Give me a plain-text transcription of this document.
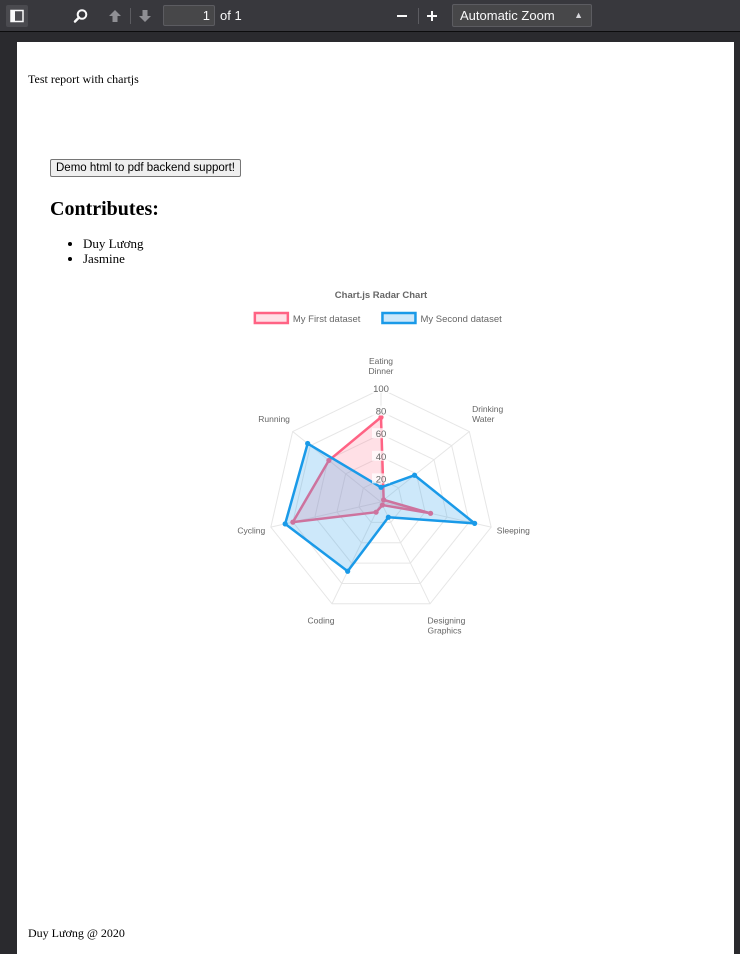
1 of 1	Automatic Zoom ▲

Test report with chartjs
Demo html to pdf backend support!
Contributes:
• Duy Lương
• Jasmine
Chart.js Radar Chart
My First dataset	My Second dataset
20
40
60
80
100
Eating
Dinner
Drinking
Water
Sleeping
Designing
Graphics
Coding
Cycling
Running
Duy Lương @ 2020
